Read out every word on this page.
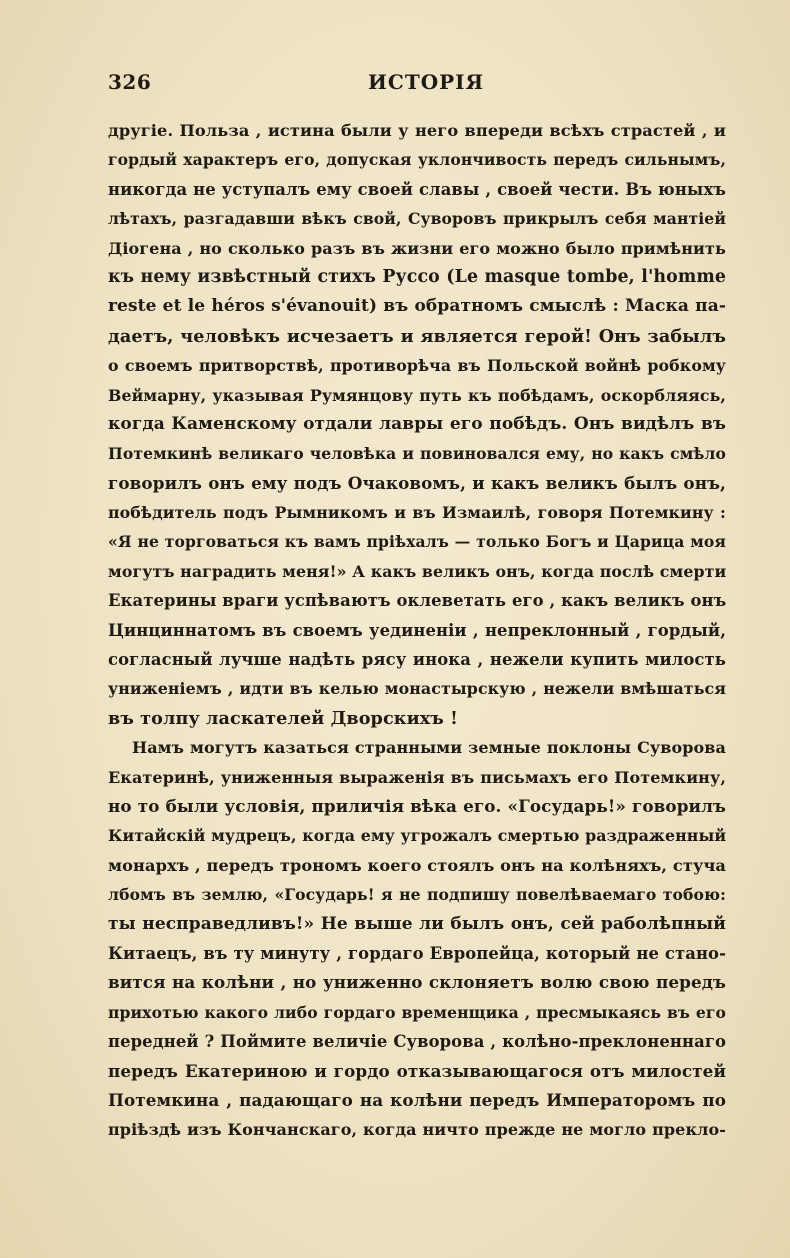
326	ИСТОРІЯ
другіе. Польза , истина были у него впереди всѣхъ страстей , и
гордый характеръ его, допуская уклончивость передъ сильнымъ,
никогда не уступалъ ему своей славы , своей чести. Въ юныхъ
лѣтахъ, разгадавши вѣкъ свой, Суворовъ прикрылъ себя мантіей
Діогена , но сколько разъ въ жизни его можно было примѣнить
къ нему извѣстный стихъ Руссо (Le masque tombe, l'homme
reste et le héros s'évanouit) въ обратномъ смыслѣ : Маска па-
даетъ, человѣкъ исчезаетъ и является герой! Онъ забылъ
о своемъ притворствѣ, противорѣча въ Польской войнѣ робкому
Веймарну, указывая Румянцову путь къ побѣдамъ, оскорбляясь,
когда Каменскому отдали лавры его побѣдъ. Онъ видѣлъ въ
Потемкинѣ великаго человѣка и повиновался ему, но какъ смѣло
говорилъ онъ ему подъ Очаковомъ, и какъ великъ былъ онъ,
побѣдитель подъ Рымникомъ и въ Измаилѣ, говоря Потемкину :
«Я не торговаться къ вамъ пріѣхалъ — только Богъ и Царица моя
могутъ наградить меня!» А какъ великъ онъ, когда послѣ смерти
Екатерины враги успѣваютъ оклеветать его , какъ великъ онъ
Цинциннатомъ въ своемъ уединеніи , непреклонный , гордый,
согласный лучше надѣть рясу инока , нежели купить милость
униженіемъ , идти въ келью монастырскую , нежели вмѣшаться
въ толпу ласкателей Дворскихъ !
Намъ могутъ казаться странными земные поклоны Суворова
Екатеринѣ, униженныя выраженія въ письмахъ его Потемкину,
но то были условія, приличія вѣка его. «Государь!» говорилъ
Китайскій мудрецъ, когда ему угрожалъ смертью раздраженный
монархъ , передъ трономъ коего стоялъ онъ на колѣняхъ, стуча
лбомъ въ землю, «Государь! я не подпишу повелѣваемаго тобою:
ты несправедливъ!» Не выше ли былъ онъ, сей раболѣпный
Китаецъ, въ ту минуту , гордаго Европейца, который не стано-
вится на колѣни , но униженно склоняетъ волю свою передъ
прихотью какого либо гордаго временщика , пресмыкаясь въ его
передней ? Поймите величіе Суворова , колѣно-преклоненнаго
передъ Екатериною и гордо отказывающагося отъ милостей
Потемкина , падающаго на колѣни передъ Императоромъ по
пріѣздѣ изъ Кончанскаго, когда ничто прежде не могло прекло-
